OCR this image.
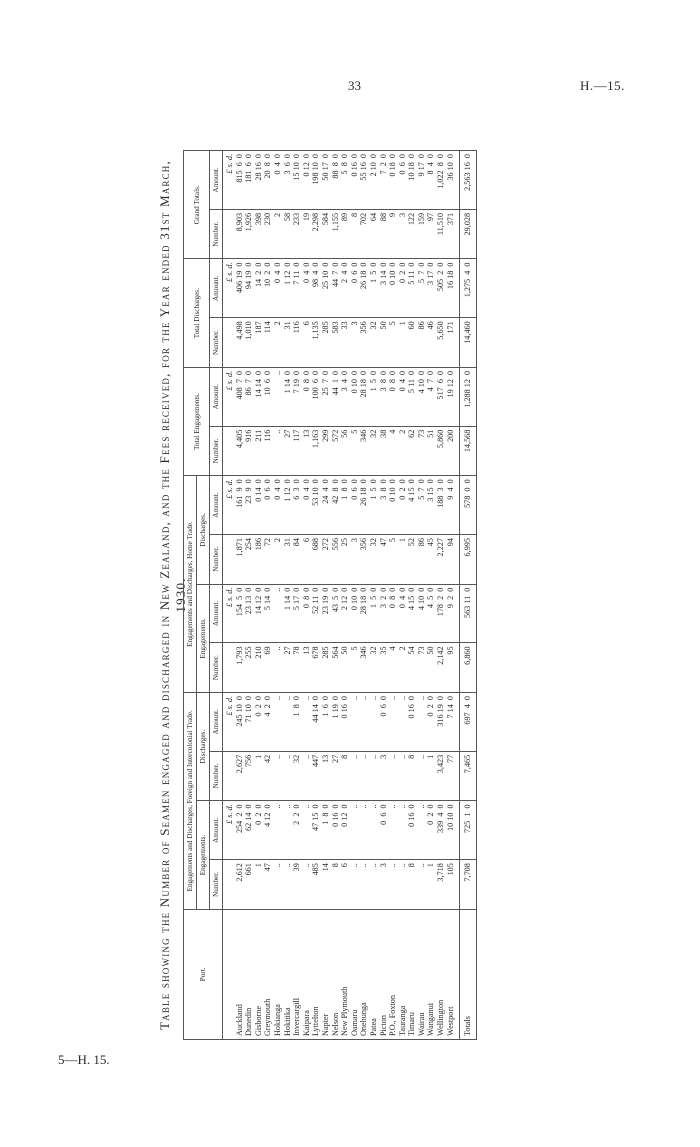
33	H.—15.
5—H. 15.
Table showing the Number of Seamen engaged and discharged in New Zealand, and the Fees received, for the Year ended 31st March, 1930.
Port.	Engagements and Discharges, Foreign and Intercolonial Trade.				Engagements and Discharges, Home Trade.				Total Engagements.		Total Discharges.		Grand Totals.	
	Engagements.		Discharges.		Engagements.		Discharges.							
	Number.	Amount.	Number.	Amount.	Number.	Amount.	Number.	Amount.	Number.	Amount.	Number.	Amount.	Number.	Amount.
		£ s. d.		£ s. d.		£ s. d.		£ s. d.		£ s. d.		£ s. d.		£ s. d.
Auckland	2,612	254  2  0	2,627	245 10  0	1,793	154  5  0	1,871	161  9  0	4,405	408  7  0	4,498	406 19  0	8,903	815  6  0
Dunedin	661	62 14  0	756	71 10  0	255	23 13  0	254	23  9  0	916	86  7  0	1,010	94 19  0	1,926	181  6  0
Gisborne	1	0  2  0	1	0  2  0	210	14 12  0	186	0 14  0	211	14 14  0	187	14  2  0	398	28 16  0
Greymouth	47	4 12  0	42	4  2  0	69	5 14  0	72	0  6  0	116	10  6  0	114	10  2  0	230	20  8  0
Hokianga	..	..	..	..	..	..	2	0  4  0	..	..	2	0  4  0	2	0  4  0
Hokitika	..	..	..	..	27	1 14  0	31	1 12  0	27	1 14  0	31	1 12  0	58	3  6  0
Invercargill	39	2  2  0	32	1  8  0	78	5 17  0	84	6  3  0	117	7 19  0	116	7 11  0	233	15 10  0
Kaipara	..	..	..	..	13	0  8  0	6	0  4  0	13	0  8  0	6	0  4  0	19	0 12  0
Lyttelton	485	47 15  0	447	44 14  0	678	52 11  0	688	53 10  0	1,163	100  6  0	1,135	98  4  0	2,298	198 10  0
Napier	14	1  8  0	13	1  6  0	285	23 19  0	272	24  4  0	299	25  7  0	285	25 10  0	584	50 17  0
Nelson	8	0 16  0	27	1 19  0	564	43  5  0	556	42  8  0	572	44  1  0	583	44  7  0	1,155	88  8  0
New Plymouth	6	0 12  0	8	0 16  0	50	2 12  0	25	1  8  0	56	3  4  0	33	2  4  0	89	5  8  0
Oamaru	..	..	..	..	5	0 10  0	3	0  6  0	5	0 10  0	3	0  6  0	8	0 16  0
Onehunga	..	..	..	..	346	28 18  0	356	26 18  0	346	28 18  0	356	26 18  0	702	55 16  0
Patea	..	..	..	..	32	1  5  0	32	1  5  0	32	1  5  0	32	1  5  0	64	2 10  0
Picton	3	0  6  0	3	0  6  0	35	3  2  0	47	3  8  0	38	3  8  0	50	3 14  0	88	7  2  0
P.O., Foxton	..	..	..	..	4	0  8  0	5	0 10  0	4	0  8  0	5	0 10  0	9	0 18  0
Tauranga	..	..	..	..	2	0  4  0	1	0  2  0	2	0  4  0	1	0  2  0	3	0  6  0
Timaru	8	0 16  0	8	0 16  0	54	4 15  0	52	4 15  0	62	5 11  0	60	5 11  0	122	10 18  0
Wairau	..	..	..	..	73	4 10  0	86	5  7  0	73	4 10  0	86	5  7  0	159	9 17  0
Wanganui	1	0  2  0	1	0  2  0	50	4  5  0	45	3 15  0	51	4  7  0	46	3 17  0	97	8  4  0
Wellington	3,718	339  4  0	3,423	316 19  0	2,142	178  2  0	2,227	188  3  0	5,860	517  6  0	5,650	505  2  0	11,510	1,022  8  0
Westport	105	10 10  0	77	7 14  0	95	9  2  0	94	9  4  0	200	19 12  0	171	16 18  0	371	36 10  0

Totals	7,708	725  1  0	7,465	697  4  0	6,860	563 11  0	6,995	578  0  0	14,568	1,288 12  0	14,460	1,275  4  0	29,028	2,563 16  0
